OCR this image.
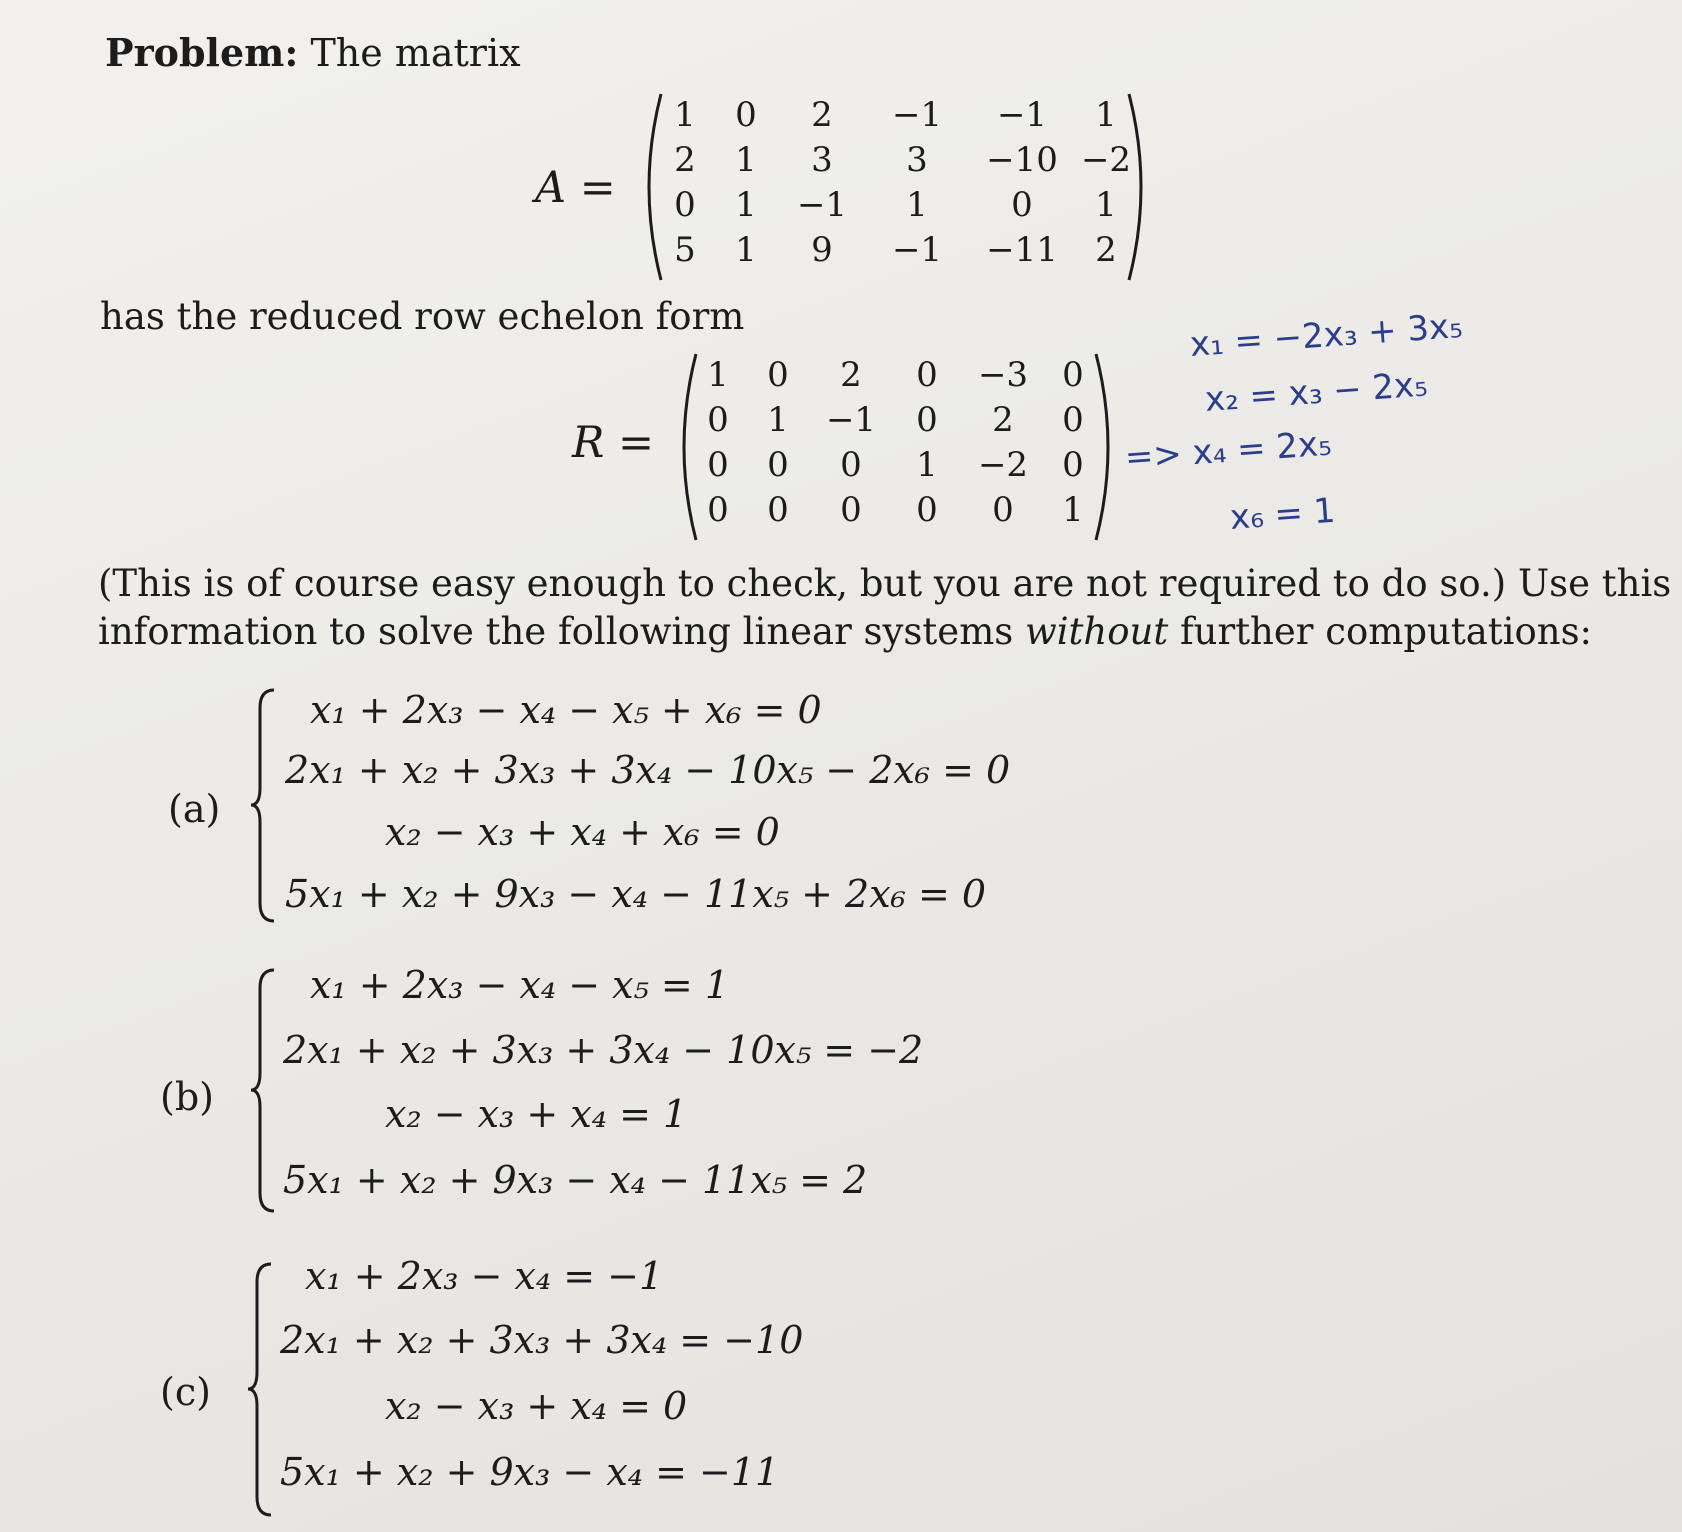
Problem: The matrix
A =
1	0	2	−1	−1	1
2	1	3	3	−10 −2
0	1	−1	1	0	1
5	1	9	−1	−11	2
has the reduced row echelon form
R =
1	0	2	0	−3	0
0	1	−1	0	2	0
0	0	0	1	−2	0
0	0	0	0	0	1
x₁ = −2x₃ + 3x₅
x₂ = x₃ − 2x₅
=> x₄ = 2x₅
x₆ = 1
(This is of course easy enough to check, but you are not required to do so.) Use this
information to solve the following linear systems without further computations:
(a)
x₁ + 2x₃ − x₄ − x₅ + x₆ = 0
2x₁ + x₂ + 3x₃ + 3x₄ − 10x₅ − 2x₆ = 0
x₂ − x₃ + x₄ + x₆ = 0
5x₁ + x₂ + 9x₃ − x₄ − 11x₅ + 2x₆ = 0
(b)
x₁ + 2x₃ − x₄ − x₅ = 1
2x₁ + x₂ + 3x₃ + 3x₄ − 10x₅ = −2
x₂ − x₃ + x₄ = 1
5x₁ + x₂ + 9x₃ − x₄ − 11x₅ = 2
(c)
x₁ + 2x₃ − x₄ = −1
2x₁ + x₂ + 3x₃ + 3x₄ = −10
x₂ − x₃ + x₄ = 0
5x₁ + x₂ + 9x₃ − x₄ = −11
